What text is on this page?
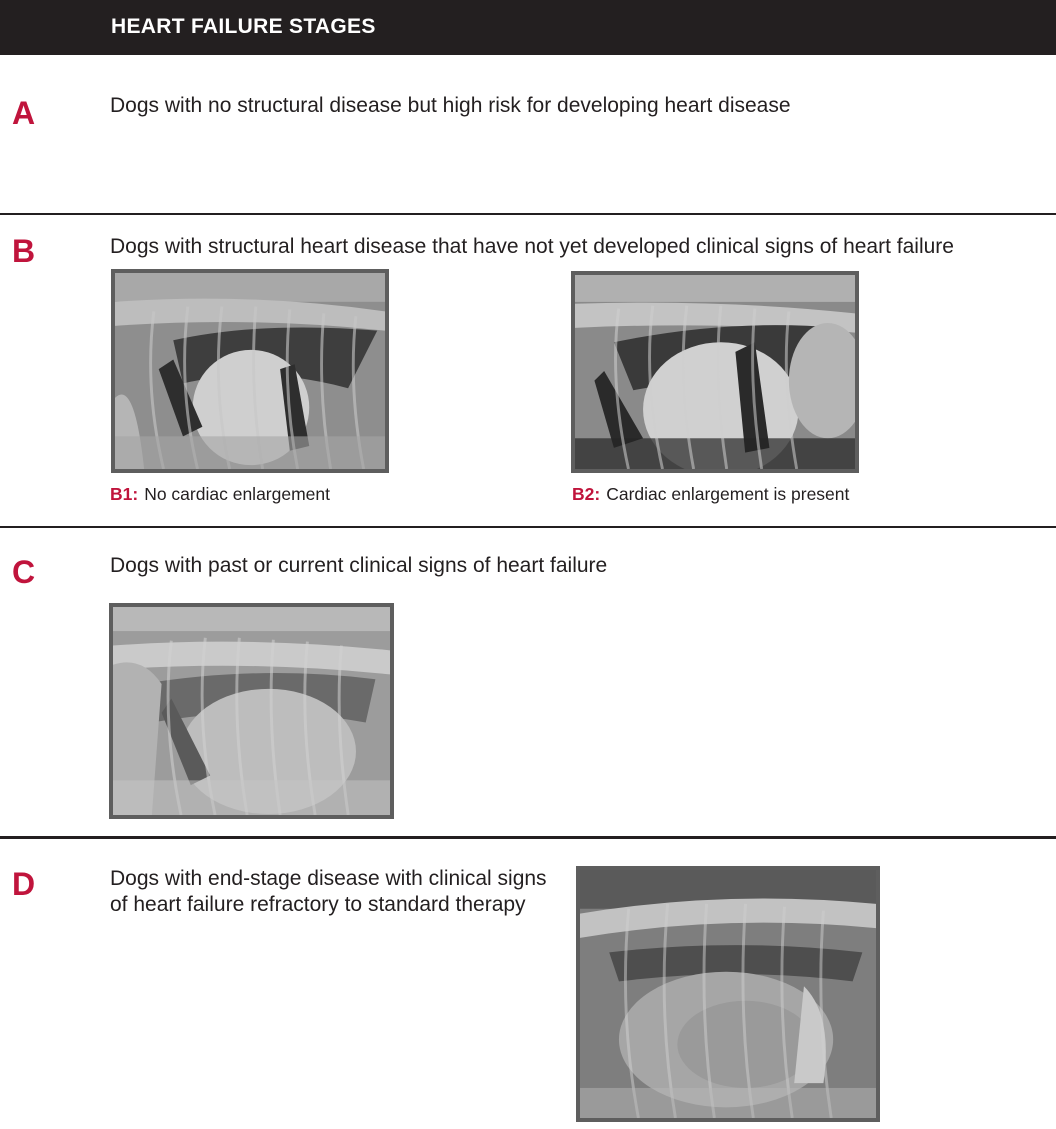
HEART FAILURE STAGES
A	Dogs with no structural disease but high risk for developing heart disease
B	Dogs with structural heart disease that have not yet developed clinical signs of heart failure
B1: No cardiac enlargement	B2: Cardiac enlargement is present
C	Dogs with past or current clinical signs of heart failure
D	Dogs with end-stage disease with clinical signs of heart failure refractory to standard therapy
